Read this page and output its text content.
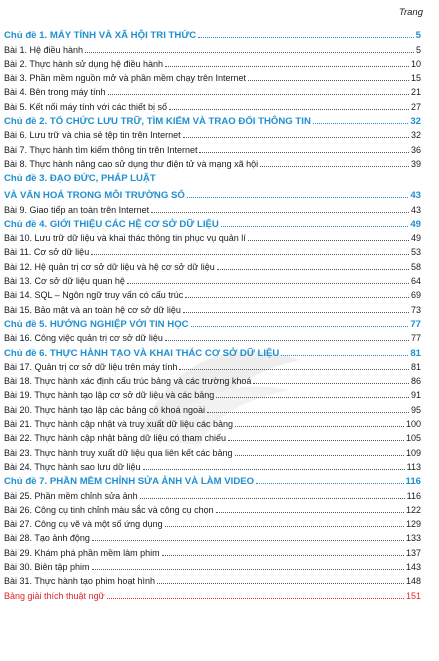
Trang
Chủ đề 1. MÁY TÍNH VÀ XÃ HỘI TRI THỨC	5
Bài 1. Hệ điều hành	5
Bài 2. Thực hành sử dụng hệ điều hành	10
Bài 3. Phần mềm nguồn mở và phần mềm chạy trên Internet	15
Bài 4. Bên trong máy tính	21
Bài 5. Kết nối máy tính với các thiết bị số	27
Chủ đề 2. TỔ CHỨC LƯU TRỮ, TÌM KIẾM VÀ TRAO ĐỔI THÔNG TIN	32
Bài 6. Lưu trữ và chia sẻ tệp tin trên Internet	32
Bài 7. Thực hành tìm kiếm thông tin trên Internet	36
Bài 8. Thực hành nâng cao sử dụng thư điện tử và mạng xã hội	39
Chủ đề 3. ĐẠO ĐỨC, PHÁP LUẬT
VÀ VĂN HOÁ TRONG MÔI TRƯỜNG SỐ	43
Bài 9. Giao tiếp an toàn trên Internet	43
Chủ đề 4. GIỚI THIỆU CÁC HỆ CƠ SỞ DỮ LIỆU	49
Bài 10. Lưu trữ dữ liệu và khai thác thông tin phục vụ quản lí	49
Bài 11. Cơ sở dữ liệu	53
Bài 12. Hệ quản trị cơ sở dữ liệu và hệ cơ sở dữ liệu	58
Bài 13. Cơ sở dữ liệu quan hệ	64
Bài 14. SQL – Ngôn ngữ truy vấn có cấu trúc	69
Bài 15. Bảo mật và an toàn hệ cơ sở dữ liệu	73
Chủ đề 5. HƯỚNG NGHIỆP VỚI TIN HỌC	77
Bài 16. Công việc quản trị cơ sở dữ liệu	77
Chủ đề 6. THỰC HÀNH TẠO VÀ KHAI THÁC CƠ SỞ DỮ LIỆU	81
Bài 17. Quản trị cơ sở dữ liệu trên máy tính	81
Bài 18. Thực hành xác định cấu trúc bảng và các trường khoá	86
Bài 19. Thực hành tạo lập cơ sở dữ liệu và các bảng	91
Bài 20. Thực hành tạo lập các bảng có khoá ngoài	95
Bài 21. Thực hành cập nhật và truy xuất dữ liệu các bảng	100
Bài 22. Thực hành cập nhật bảng dữ liệu có tham chiếu	105
Bài 23. Thực hành truy xuất dữ liệu qua liên kết các bảng	109
Bài 24. Thực hành sao lưu dữ liệu	113
Chủ đề 7. PHẦN MỀM CHỈNH SỬA ẢNH VÀ LÀM VIDEO	116
Bài 25. Phần mềm chỉnh sửa ảnh	116
Bài 26. Công cụ tinh chỉnh màu sắc và công cụ chọn	122
Bài 27. Công cụ vẽ và một số ứng dụng	129
Bài 28. Tạo ảnh động	133
Bài 29. Khám phá phần mềm làm phim	137
Bài 30. Biên tập phim	143
Bài 31. Thực hành tạo phim hoạt hình	148
Bảng giải thích thuật ngữ	151
